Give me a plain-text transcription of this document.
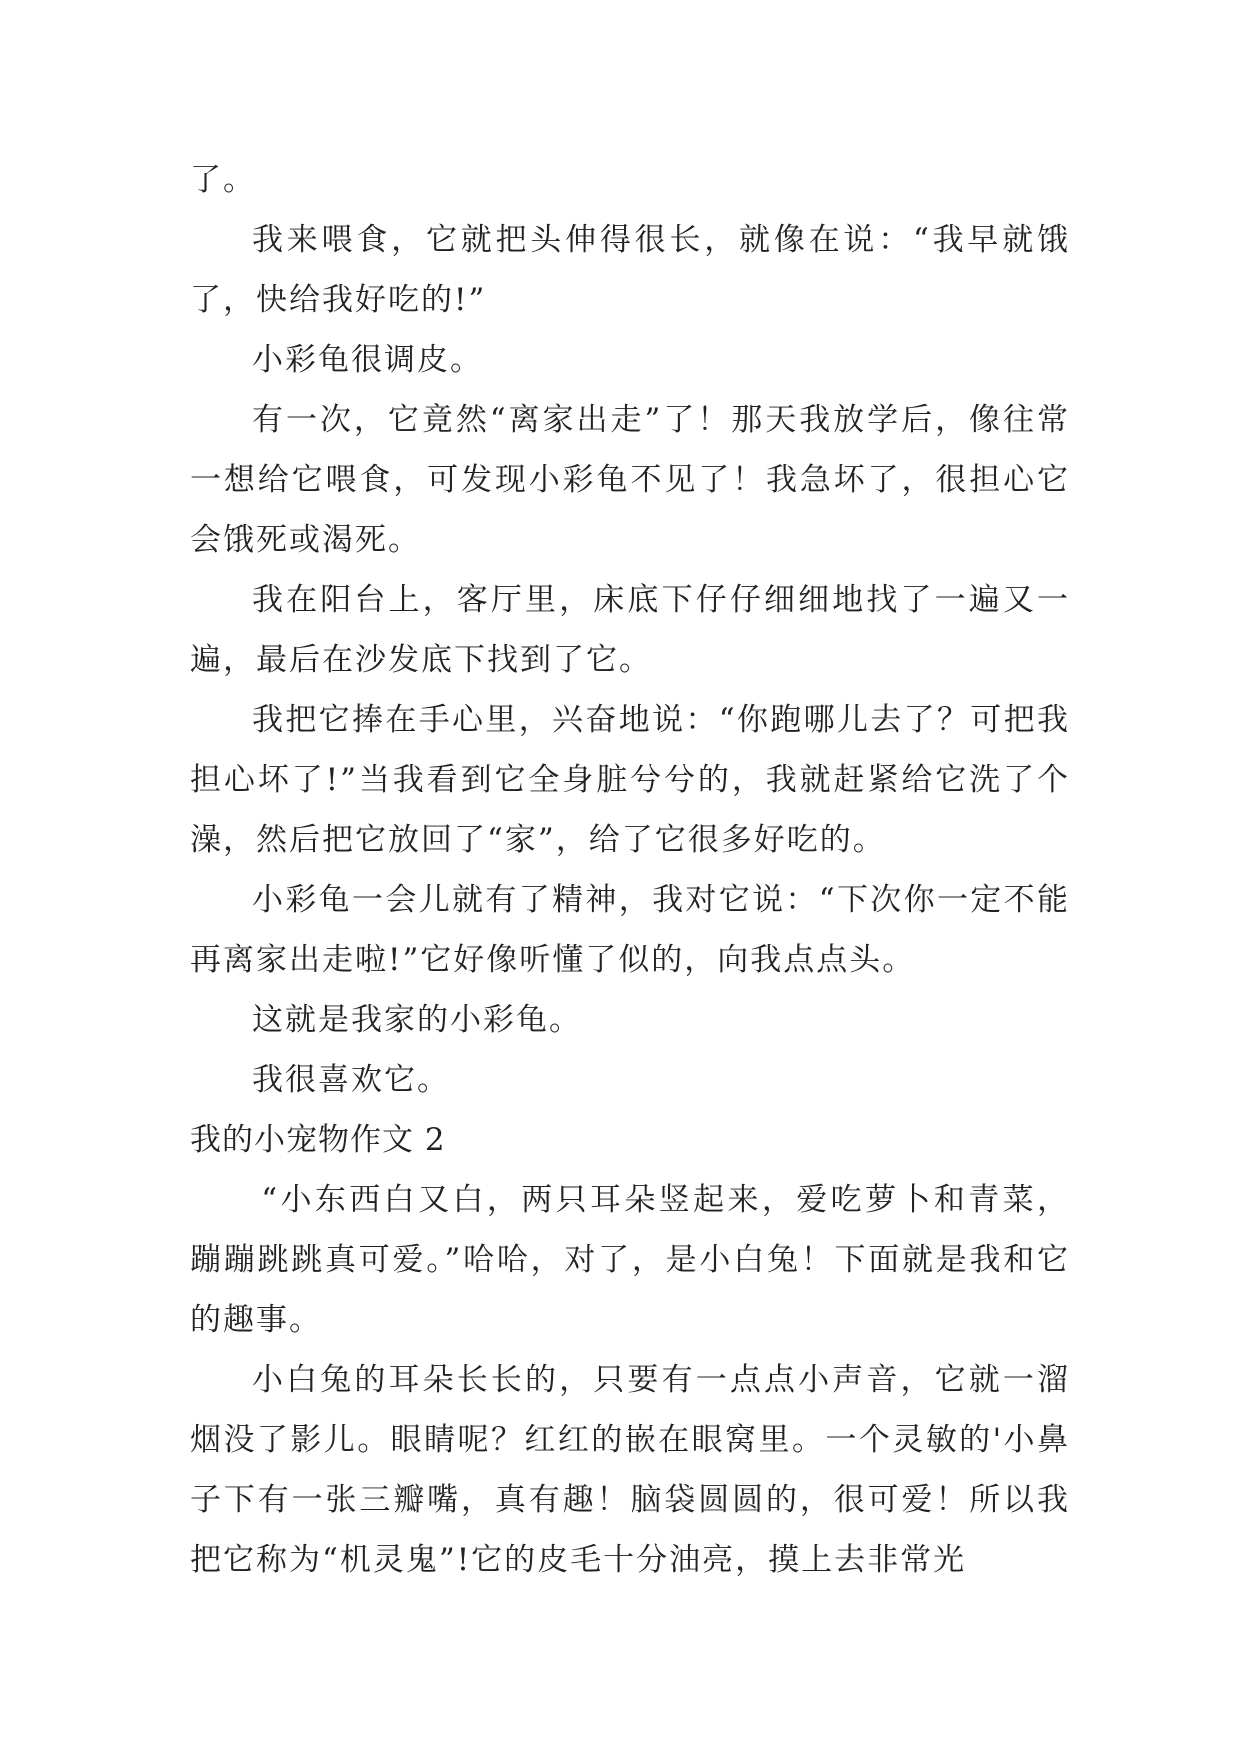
了。

我来喂食，它就把头伸得很长，就像在说：“我早就饿了，快给我好吃的!”

小彩龟很调皮。

有一次，它竟然“离家出走”了！那天我放学后，像往常一想给它喂食，可发现小彩龟不见了！我急坏了，很担心它会饿死或渴死。

我在阳台上，客厅里，床底下仔仔细细地找了一遍又一遍，最后在沙发底下找到了它。

我把它捧在手心里，兴奋地说：“你跑哪儿去了？可把我担心坏了!”当我看到它全身脏兮兮的，我就赶紧给它洗了个澡，然后把它放回了“家”，给了它很多好吃的。

小彩龟一会儿就有了精神，我对它说：“下次你一定不能再离家出走啦!”它好像听懂了似的，向我点点头。

这就是我家的小彩龟。

我很喜欢它。

我的小宠物作文 2

“小东西白又白，两只耳朵竖起来，爱吃萝卜和青菜，蹦蹦跳跳真可爱。”哈哈，对了，是小白兔！下面就是我和它的趣事。

小白兔的耳朵长长的，只要有一点点小声音，它就一溜烟没了影儿。眼睛呢？红红的嵌在眼窝里。一个灵敏的'小鼻子下有一张三瓣嘴，真有趣！脑袋圆圆的，很可爱！所以我把它称为“机灵鬼”!它的皮毛十分油亮，摸上去非常光
